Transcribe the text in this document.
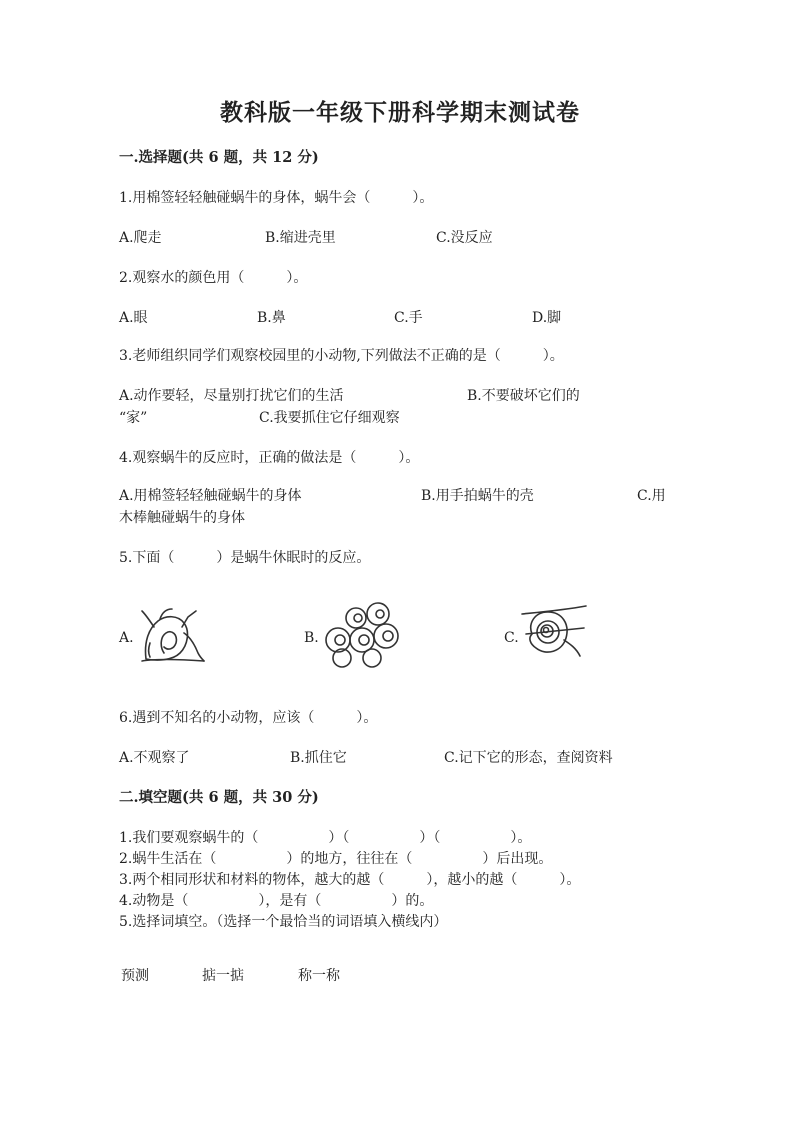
教科版一年级下册科学期末测试卷
一.选择题(共 6 题，共 12 分)
1.用棉签轻轻触碰蜗牛的身体，蜗牛会（　　　）。
A.爬走	B.缩进壳里	C.没反应
2.观察水的颜色用（　　　）。
A.眼	B.鼻	C.手	D.脚
3.老师组织同学们观察校园里的小动物,下列做法不正确的是（　　　）。
A.动作要轻，尽量别打扰它们的生活	B.不要破坏它们的
“家”	C.我要抓住它仔细观察
4.观察蜗牛的反应时，正确的做法是（　　　）。
A.用棉签轻轻触碰蜗牛的身体	B.用手拍蜗牛的壳	C.用
木棒触碰蜗牛的身体
5.下面（　　　）是蜗牛休眠时的反应。
A.	B.	C.
6.遇到不知名的小动物，应该（　　　）。
A.不观察了	B.抓住它	C.记下它的形态，查阅资料
二.填空题(共 6 题，共 30 分)
1.我们要观察蜗牛的（　　　　　）（　　　　　）（　　　　　）。
2.蜗牛生活在（　　　　　）的地方，往往在（　　　　　）后出现。
3.两个相同形状和材料的物体，越大的越（　　　），越小的越（　　　）。
4.动物是（　　　　　），是有（　　　　　）的。
5.选择词填空。（选择一个最恰当的词语填入横线内）
预测	掂一掂	称一称
